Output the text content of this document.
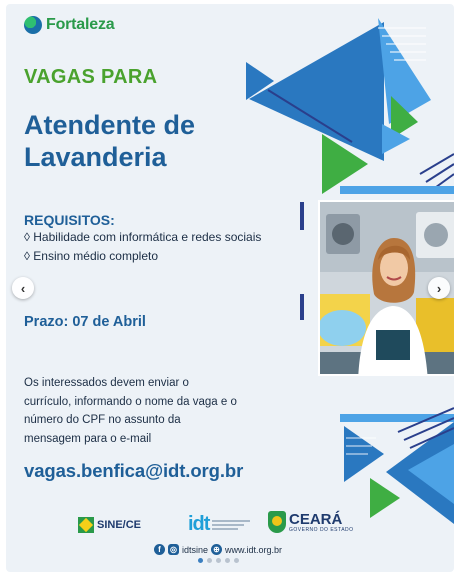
Fortaleza
VAGAS PARA
Atendente de Lavanderia
REQUISITOS:
◊ Habilidade com informática e redes sociais
◊ Ensino médio completo
Prazo: 07 de Abril
Os interessados devem enviar o currículo, informando o nome da vaga e o número do CPF no assunto da mensagem para o e-mail
vagas.benfica@idt.org.br
SINE/CE idt	CEARÁ
GOVERNO DO ESTADO
f	◎ idtsine ⊕ www.idt.org.br
‹	›
